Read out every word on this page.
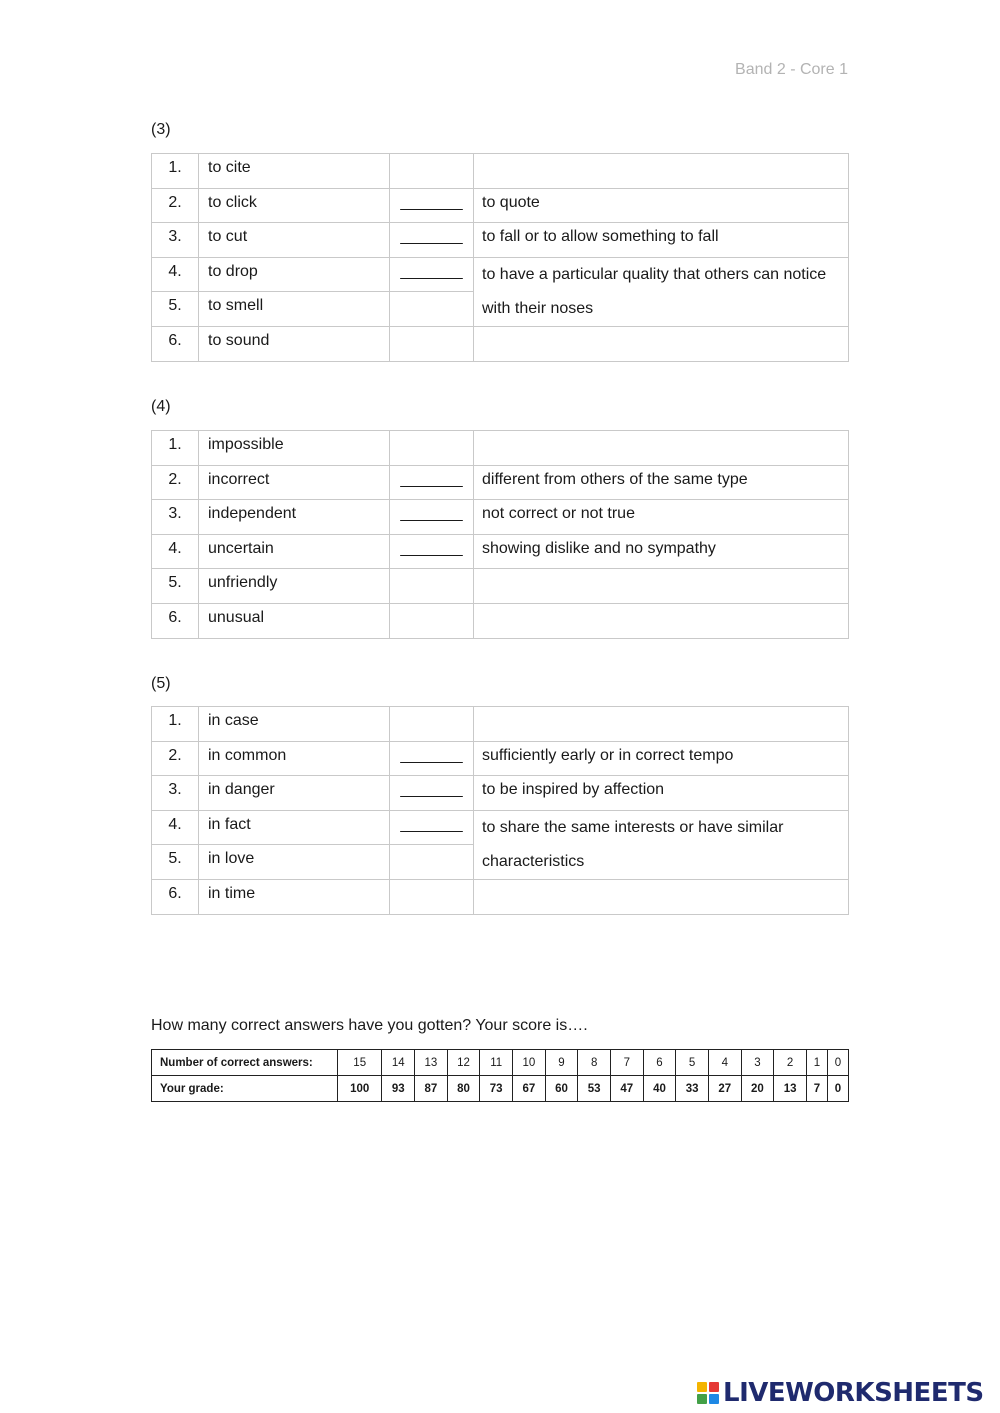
Band 2 - Core 1
(3)
1.	to cite		
2.	to click	_______	to quote
3.	to cut	_______	to fall or to allow something to fall
4.	to drop	_______	to have a particular quality that others can notice with their noses
5.	to smell		
6.	to sound		
(4)
1.	impossible		
2.	incorrect	_______	different from others of the same type
3.	independent	_______	not correct or not true
4.	uncertain	_______	showing dislike and no sympathy
5.	unfriendly		
6.	unusual		
(5)
1.	in case		
2.	in common	_______	sufficiently early or in correct tempo
3.	in danger	_______	to be inspired by affection
4.	in fact	_______	to share the same interests or have similar characteristics
5.	in love		
6.	in time		
How many correct answers have you gotten? Your score is….
Number of correct answers:	15	14	13	12	11	10	9	8	7	6	5	4	3	2	1	0
Your grade:	100	93	87	80	73	67	60	53	47	40	33	27	20	13	7	0
LIVEWORKSHEETS
